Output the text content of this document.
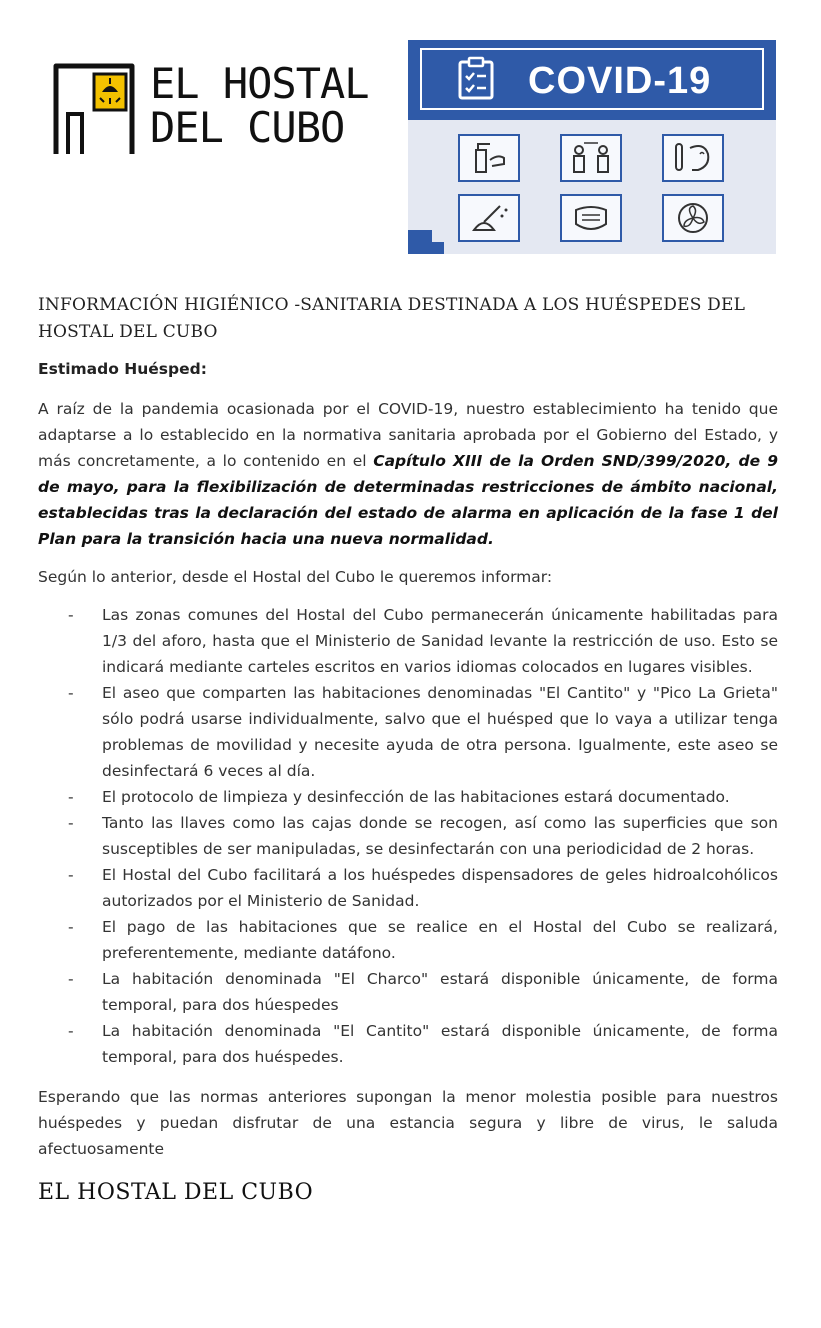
EL HOSTAL
DEL CUBO
COVID-19
INFORMACIÓN HIGIÉNICO -SANITARIA DESTINADA A LOS HUÉSPEDES DEL HOSTAL DEL CUBO
Estimado Huésped:
A raíz de la pandemia ocasionada por el COVID-19, nuestro establecimiento ha tenido que adaptarse a lo establecido en la normativa sanitaria aprobada por el Gobierno del Estado, y más concretamente, a lo contenido en el Capítulo XIII de la Orden SND/399/2020, de 9 de mayo, para la flexibilización de determinadas restricciones de ámbito nacional, establecidas tras la declaración del estado de alarma en aplicación de la fase 1 del Plan para la transición hacia una nueva normalidad.
Según lo anterior, desde el Hostal del Cubo le queremos informar:
- Las zonas comunes del Hostal del Cubo permanecerán únicamente habilitadas para 1/3 del aforo, hasta que el Ministerio de Sanidad levante la restricción de uso. Esto se indicará mediante carteles escritos en varios idiomas colocados en lugares visibles.
- El aseo que comparten las habitaciones denominadas "El Cantito" y "Pico La Grieta" sólo podrá usarse individualmente, salvo que el huésped que lo vaya a utilizar tenga problemas de movilidad y necesite ayuda de otra persona. Igualmente, este aseo se desinfectará 6 veces al día.
- El protocolo de limpieza y desinfección de las habitaciones estará documentado.
- Tanto las llaves como las cajas donde se recogen, así como las superficies que son susceptibles de ser manipuladas, se desinfectarán con una periodicidad de 2 horas.
- El Hostal del Cubo facilitará a los huéspedes dispensadores de geles hidroalcohólicos autorizados por el Ministerio de Sanidad.
- El pago de las habitaciones que se realice en el Hostal del Cubo se realizará, preferentemente, mediante datáfono.
- La habitación denominada "El Charco" estará disponible únicamente, de forma temporal, para dos húespedes
- La habitación denominada "El Cantito" estará disponible únicamente, de forma temporal, para dos huéspedes.
Esperando que las normas anteriores supongan la menor molestia posible para nuestros huéspedes y puedan disfrutar de una estancia segura y libre de virus, le saluda afectuosamente
EL HOSTAL DEL CUBO
